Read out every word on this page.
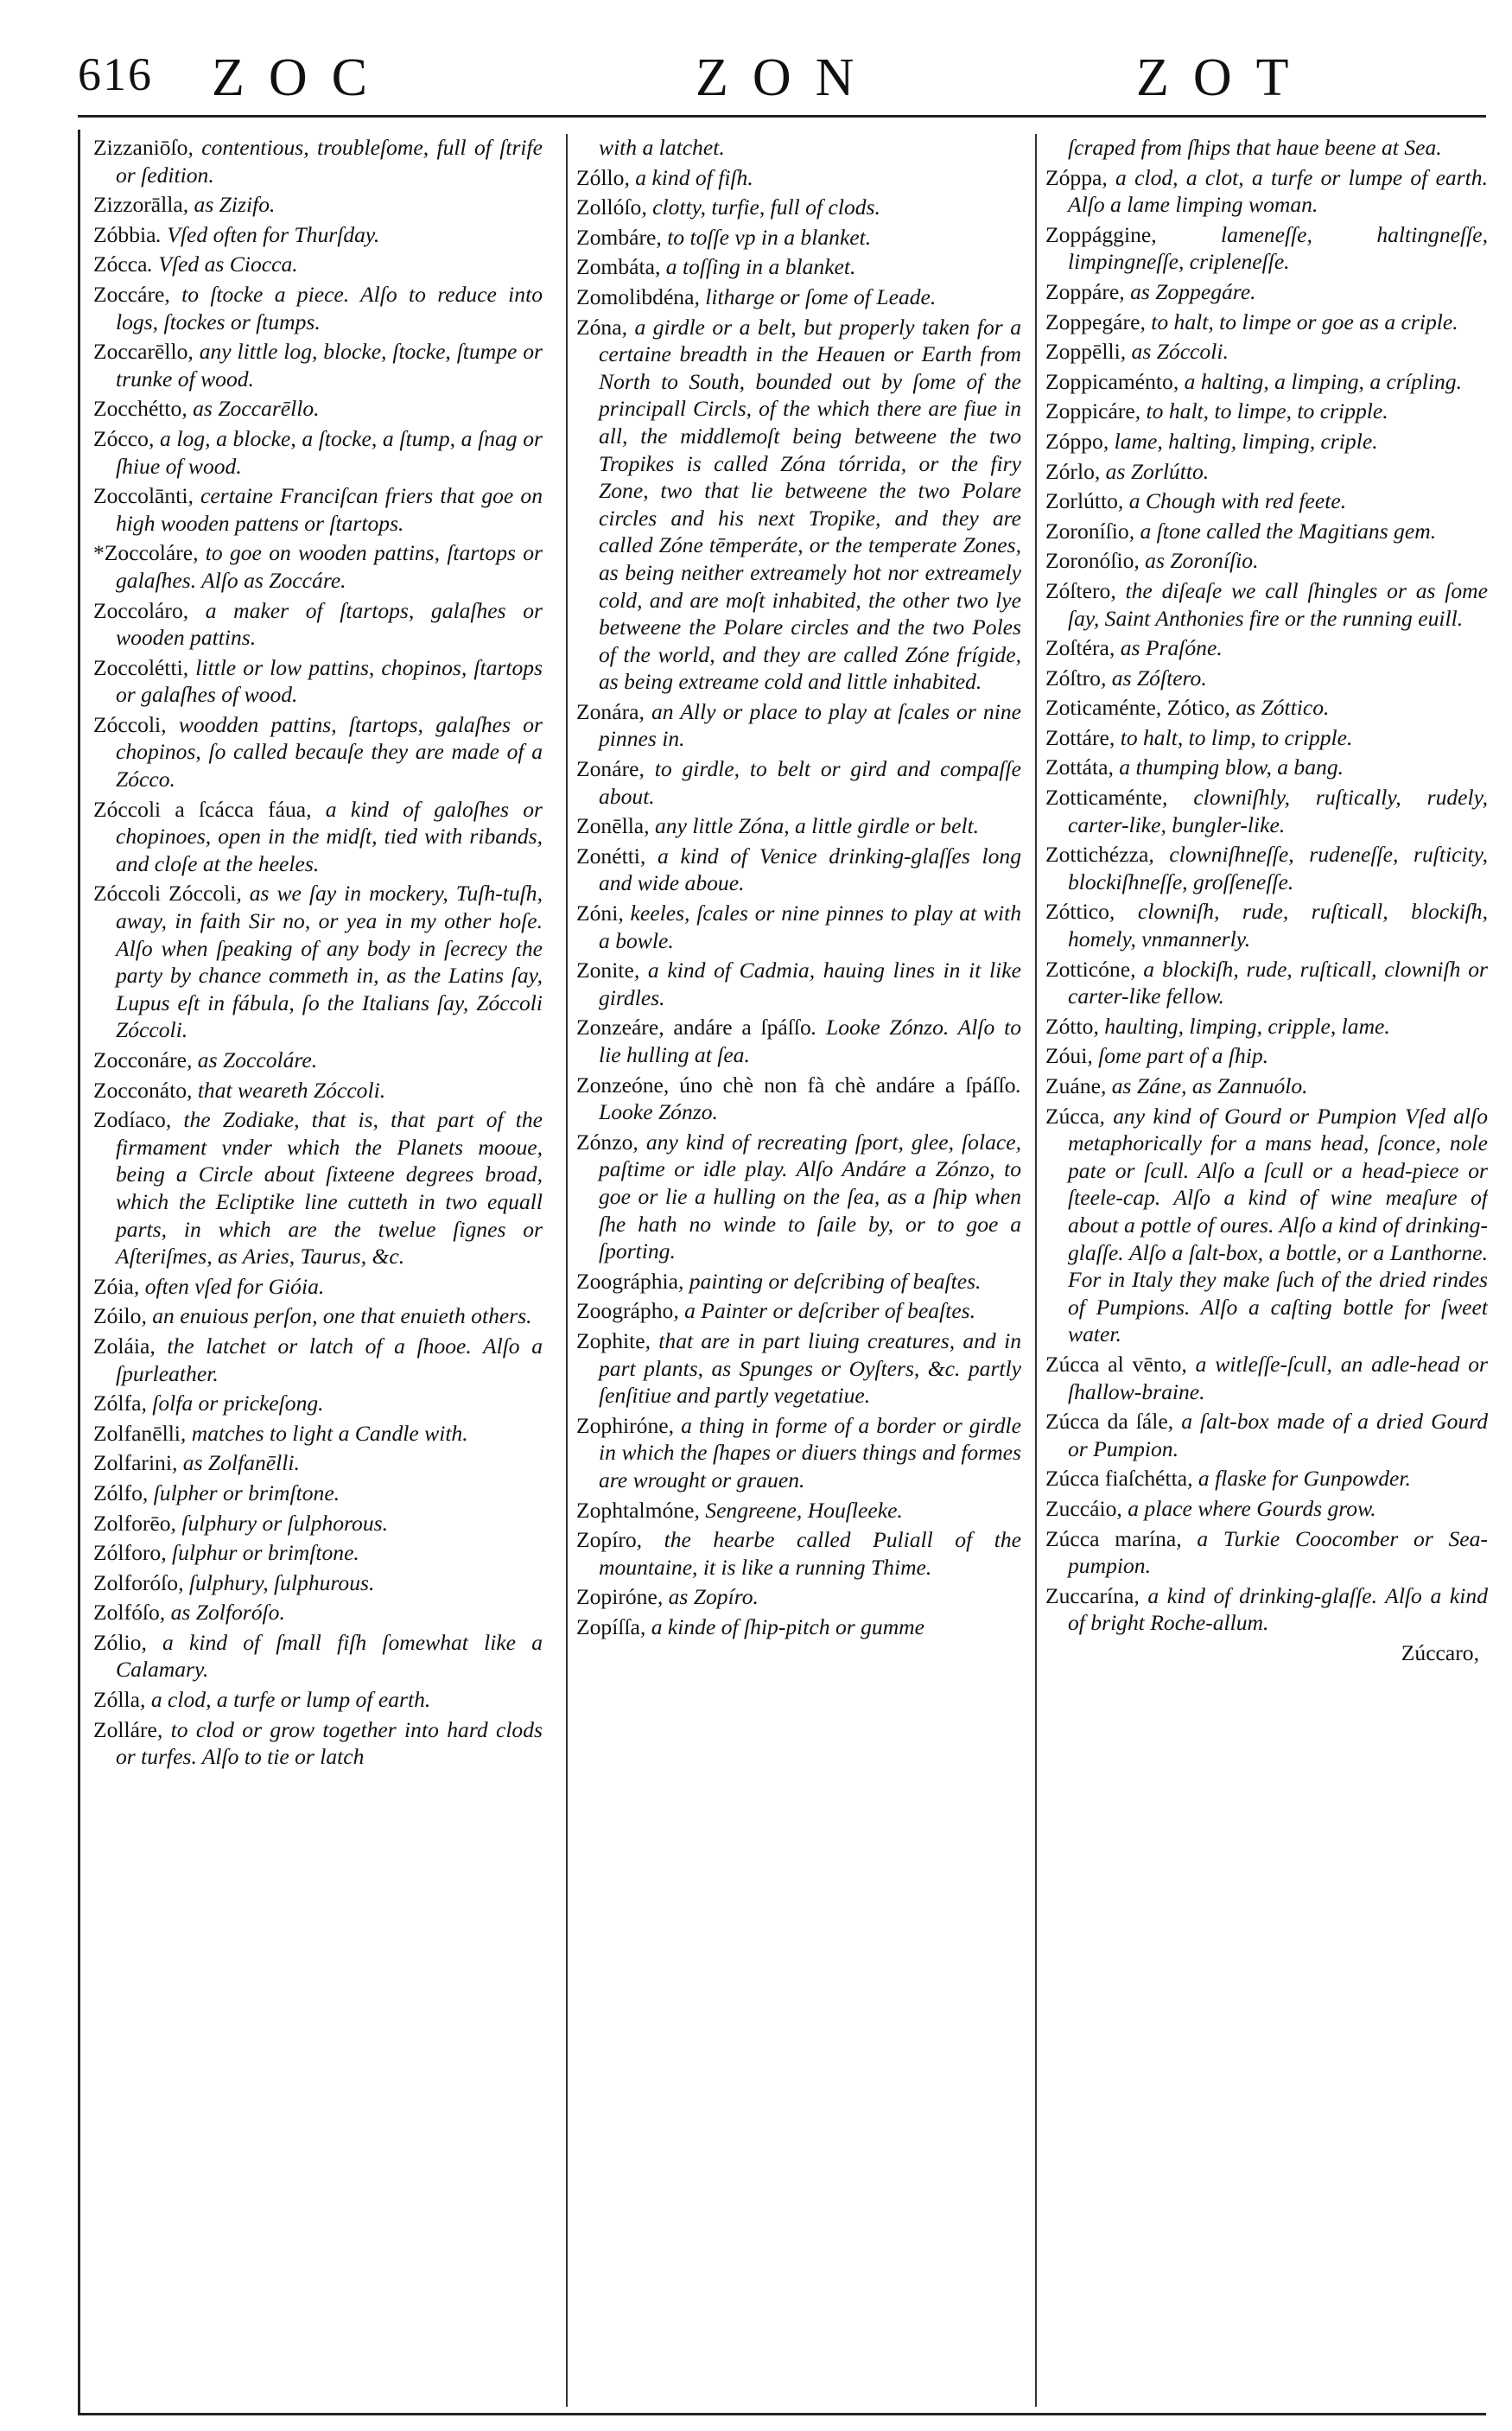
616 ZOC	ZON	ZOT
Zizzaniōſo, contentious, troubleſome, full of ſtrife or ſedition.
Zizzorālla, as Zizifo.
Zóbbia. Vſed often for Thurſday.
Zócca. Vſed as Ciocca.
Zoccáre, to ſtocke a piece. Alſo to reduce into logs, ſtockes or ſtumps.
Zoccarēllo, any little log, blocke, ſtocke, ſtumpe or trunke of wood.
Zocchétto, as Zoccarēllo.
Zócco, a log, a blocke, a ſtocke, a ſtump, a ſnag or ſhiue of wood.
Zoccolānti, certaine Franciſcan friers that goe on high wooden pattens or ſtartops.
*Zoccoláre, to goe on wooden pattins, ſtartops or galaſhes. Alſo as Zoccáre.
Zoccoláro, a maker of ſtartops, galaſhes or wooden pattins.
Zoccolétti, little or low pattins, chopinos, ſtartops or galaſhes of wood.
Zóccoli, woodden pattins, ſtartops, galaſhes or chopinos, ſo called becauſe they are made of a Zócco.
Zóccoli a ſcácca fáua, a kind of galoſhes or chopinoes, open in the midſt, tied with ribands, and cloſe at the heeles.
Zóccoli Zóccoli, as we ſay in mockery, Tuſh-tuſh, away, in faith Sir no, or yea in my other hoſe. Alſo when ſpeaking of any body in ſecrecy the party by chance commeth in, as the Latins ſay, Lupus eſt in fábula, ſo the Italians ſay, Zóccoli Zóccoli.
Zocconáre, as Zoccoláre.
Zocconáto, that weareth Zóccoli.
Zodíaco, the Zodiake, that is, that part of the firmament vnder which the Planets mooue, being a Circle about ſixteene degrees broad, which the Ecliptike line cutteth in two equall parts, in which are the twelue ſignes or Aſteriſmes, as Aries, Taurus, &c.
Zóia, often vſed for Gióia.
Zóilo, an enuious perſon, one that enuieth others.
Zoláia, the latchet or latch of a ſhooe. Alſo a ſpurleather.
Zólfa, ſolfa or prickeſong.
Zolfanēlli, matches to light a Candle with.
Zolfarini, as Zolfanēlli.
Zólfo, ſulpher or brimſtone.
Zolforēo, ſulphury or ſulphorous.
Zólforo, ſulphur or brimſtone.
Zolforóſo, ſulphury, ſulphurous.
Zolfóſo, as Zolforóſo.
Zólio, a kind of ſmall fiſh ſomewhat like a Calamary.
Zólla, a clod, a turfe or lump of earth.
Zolláre, to clod or grow together into hard clods or turfes. Alſo to tie or latch
with a latchet.
Zóllo, a kind of fiſh.
Zollóſo, clotty, turfie, full of clods.
Zombáre, to toſſe vp in a blanket.
Zombáta, a toſſing in a blanket.
Zomolibdéna, litharge or ſome of Leade.
Zóna, a girdle or a belt, but properly taken for a certaine breadth in the Heauen or Earth from North to South, bounded out by ſome of the principall Circls, of the which there are fiue in all, the middlemoſt being betweene the two Tropikes is called Zóna tórrida, or the firy Zone, two that lie betweene the two Polare circles and his next Tropike, and they are called Zóne tēmperáte, or the temperate Zones, as being neither extreamely hot nor extreamely cold, and are moſt inhabited, the other two lye betweene the Polare circles and the two Poles of the world, and they are called Zóne frígide, as being extreame cold and little inhabited.
Zonára, an Ally or place to play at ſcales or nine pinnes in.
Zonáre, to girdle, to belt or gird and compaſſe about.
Zonēlla, any little Zóna, a little girdle or belt.
Zonétti, a kind of Venice drinking-glaſſes long and wide aboue.
Zóni, keeles, ſcales or nine pinnes to play at with a bowle.
Zonite, a kind of Cadmia, hauing lines in it like girdles.
Zonzeáre, andáre a ſpáſſo. Looke Zónzo. Alſo to lie hulling at ſea.
Zonzeóne, úno chè non fà chè andáre a ſpáſſo. Looke Zónzo.
Zónzo, any kind of recreating ſport, glee, ſolace, paſtime or idle play. Alſo Andáre a Zónzo, to goe or lie a hulling on the ſea, as a ſhip when ſhe hath no winde to ſaile by, or to goe a ſporting.
Zoográphia, painting or deſcribing of beaſtes.
Zoográpho, a Painter or deſcriber of beaſtes.
Zophite, that are in part liuing creatures, and in part plants, as Spunges or Oyſters, &c. partly ſenſitiue and partly vegetatiue.
Zophiróne, a thing in forme of a border or girdle in which the ſhapes or diuers things and formes are wrought or grauen.
Zophtalmóne, Sengreene, Houſleeke.
Zopíro, the hearbe called Puliall of the mountaine, it is like a running Thime.
Zopiróne, as Zopíro.
Zopíſſa, a kinde of ſhip-pitch or gumme
ſcraped from ſhips that haue beene at Sea.
Zóppa, a clod, a clot, a turfe or lumpe of earth. Alſo a lame limping woman.
Zoppággine, lameneſſe, haltingneſſe, limpingneſſe, cripleneſſe.
Zoppáre, as Zoppegáre.
Zoppegáre, to halt, to limpe or goe as a criple.
Zoppēlli, as Zóccoli.
Zoppicaménto, a halting, a limping, a crípling.
Zoppicáre, to halt, to limpe, to cripple.
Zóppo, lame, halting, limping, criple.
Zórlo, as Zorlútto.
Zorlútto, a Chough with red feete.
Zoroníſio, a ſtone called the Magitians gem.
Zoronóſio, as Zoroníſio.
Zóſtero, the diſeaſe we call ſhingles or as ſome ſay, Saint Anthonies fire or the running euill.
Zoſtéra, as Praſóne.
Zóſtro, as Zóſtero.
Zoticaménte, Zótico, as Zóttico.
Zottáre, to halt, to limp, to cripple.
Zottáta, a thumping blow, a bang.
Zotticaménte, clowniſhly, ruſtically, rudely, carter-like, bungler-like.
Zottichézza, clowniſhneſſe, rudeneſſe, ruſticity, blockiſhneſſe, groſſeneſſe.
Zóttico, clowniſh, rude, ruſticall, blockiſh, homely, vnmannerly.
Zotticóne, a blockiſh, rude, ruſticall, clowniſh or carter-like fellow.
Zótto, haulting, limping, cripple, lame.
Zóui, ſome part of a ſhip.
Zuáne, as Záne, as Zannuólo.
Zúcca, any kind of Gourd or Pumpion Vſed alſo metaphorically for a mans head, ſconce, nole pate or ſcull. Alſo a ſcull or a head-piece or ſteele-cap. Alſo a kind of wine meaſure of about a pottle of oures. Alſo a kind of drinking-glaſſe. Alſo a ſalt-box, a bottle, or a Lanthorne. For in Italy they make ſuch of the dried rindes of Pumpions. Alſo a caſting bottle for ſweet water.
Zúcca al vēnto, a witleſſe-ſcull, an adle-head or ſhallow-braine.
Zúcca da ſále, a ſalt-box made of a dried Gourd or Pumpion.
Zúcca fiaſchétta, a flaske for Gunpowder.
Zuccáio, a place where Gourds grow.
Zúcca marína, a Turkie Coocomber or Sea-pumpion.
Zuccarína, a kind of drinking-glaſſe. Alſo a kind of bright Roche-allum.
Zúccaro,
